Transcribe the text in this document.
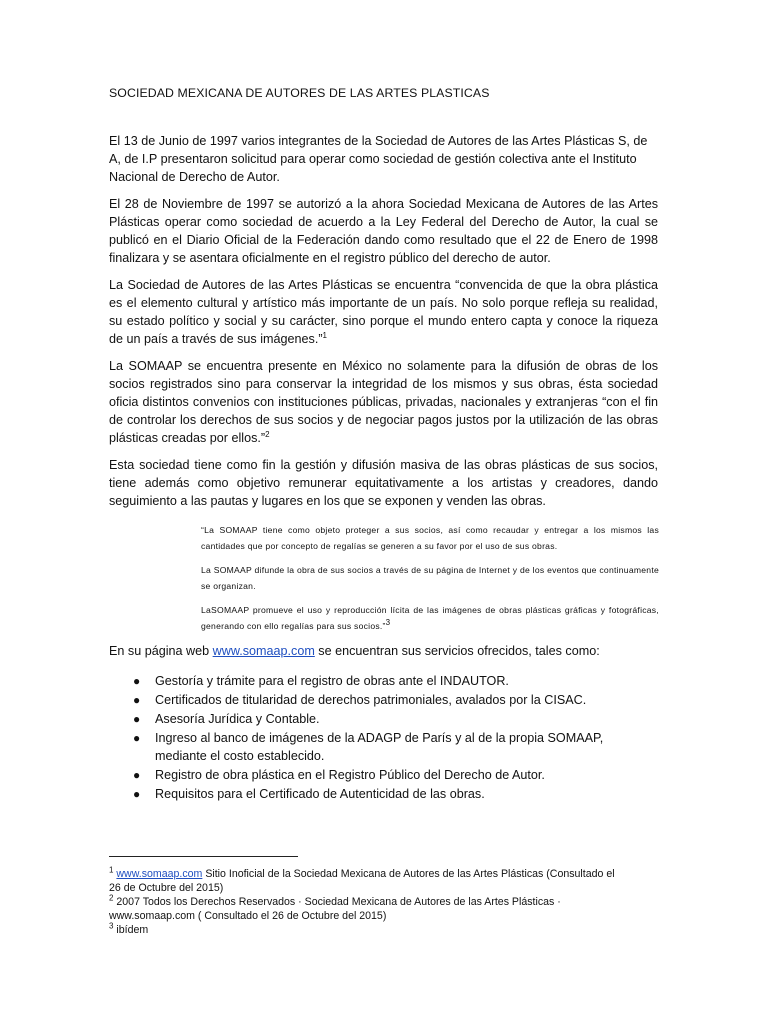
SOCIEDAD MEXICANA DE AUTORES DE LAS ARTES PLASTICAS

El 13 de Junio de 1997 varios integrantes de la Sociedad de Autores de las Artes Plásticas S, de A, de I.P presentaron solicitud para operar como sociedad de gestión colectiva ante el Instituto Nacional de Derecho de Autor.

El 28 de Noviembre de 1997 se autorizó a la ahora Sociedad Mexicana de Autores de las Artes Plásticas operar como sociedad de acuerdo a la Ley Federal del Derecho de Autor, la cual se publicó en el Diario Oficial de la Federación dando como resultado que el 22 de Enero de 1998 finalizara y se asentara oficialmente en el registro público del derecho de autor.

La Sociedad de Autores de las Artes Plásticas se encuentra “convencida de que la obra plástica es el elemento cultural y artístico más importante de un país. No solo porque refleja su realidad, su estado político y social y su carácter, sino porque el mundo entero capta y conoce la riqueza de un país a través de sus imágenes.”$^1$

La SOMAAP se encuentra presente en México no solamente para la difusión de obras de los socios registrados sino para conservar la integridad de los mismos y sus obras, ésta sociedad oficia distintos convenios con instituciones públicas, privadas, nacionales y extranjeras “con el fin de controlar los derechos de sus socios y de negociar pagos justos por la utilización de las obras plásticas creadas por ellos.”$^2$

Esta sociedad tiene como fin la gestión y difusión masiva de las obras plásticas de sus socios, tiene además como objetivo remunerar equitativamente a los artistas y creadores, dando seguimiento a las pautas y lugares en los que se exponen y venden las obras.

“La SOMAAP tiene como objeto proteger a sus socios, así como recaudar y entregar a los mismos las cantidades que por concepto de regalías se generen a su favor por el uso de sus obras.

La SOMAAP difunde la obra de sus socios a través de su página de Internet y de los eventos que continuamente se organizan.

LaSOMAAP promueve el uso y reproducción lícita de las imágenes de obras plásticas gráficas y fotográficas, generando con ello regalías para sus socios.”$^3$

En su página web www.somaap.com se encuentran sus servicios ofrecidos, tales como:

● Gestoría y trámite para el registro de obras ante el INDAUTOR.
● Certificados de titularidad de derechos patrimoniales, avalados por la CISAC.
● Asesoría Jurídica y Contable.
● Ingreso al banco de imágenes de la ADAGP de París y al de la propia SOMAAP, mediante el costo establecido.
● Registro de obra plástica en el Registro Público del Derecho de Autor.
● Requisitos para el Certificado de Autenticidad de las obras.

$^1$ www.somaap.com Sitio Inoficial de la Sociedad Mexicana de Autores de las Artes Plásticas (Consultado el 26 de Octubre del 2015)

$^2$ 2007 Todos los Derechos Reservados · Sociedad Mexicana de Autores de las Artes Plásticas · www.somaap.com ( Consultado el 26 de Octubre del 2015)

$^3$ ibídem
